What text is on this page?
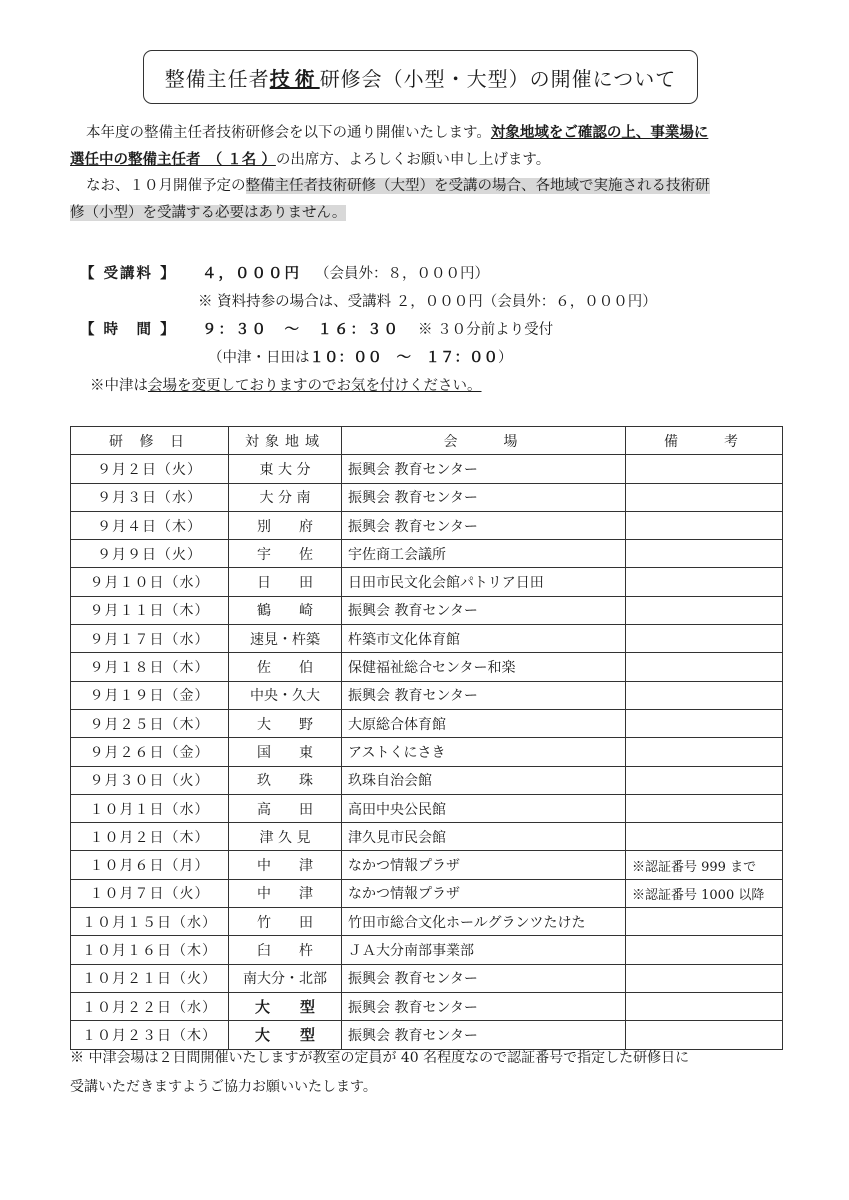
整備主任者 技術 研修会（小型・大型）の開催について

本年度の整備主任者技術研修会を以下の通り開催いたします。対象地域をご確認の上、事業場に

選任中の整備主任者　（ １名 ）の出席方、よろしくお願い申し上げます。

なお、１０月開催予定の整備主任者技術研修（大型）を受講の場合、各地域で実施される技術研

修（小型）を受講する必要はありません。

【 受講料 】 ４，０００円 （会員外：８，０００円）
※ 資料持参の場合は、受講料 ２，０００円（会員外：６，０００円）
【 時　間 】 ９：３０　～　１６：３０ ※ ３０分前より受付
（中津・日田は１０：００　～　１７：００）
※中津は会場を変更しておりますのでお気を付けください。
研 修 日	対象地域	会　　場	備　　考
９月２日（火）	東 大 分	振興会 教育センター	
９月３日（水）	大 分 南	振興会 教育センター	
９月４日（木）	別　　府	振興会 教育センター	
９月９日（火）	宇　　佐	宇佐商工会議所	
９月１０日（水）	日　　田	日田市民文化会館パトリア日田	
９月１１日（木）	鶴　　崎	振興会 教育センター	
９月１７日（水）	速見・杵築	杵築市文化体育館	
９月１８日（木）	佐　　伯	保健福祉総合センター和楽	
９月１９日（金）	中央・久大	振興会 教育センター	
９月２５日（木）	大　　野	大原総合体育館	
９月２６日（金）	国　　東	アストくにさき	
９月３０日（火）	玖　　珠	玖珠自治会館	
１０月１日（水）	高　　田	高田中央公民館	
１０月２日（木）	津 久 見	津久見市民会館	
１０月６日（月）	中　　津	なかつ情報プラザ	※認証番号 999 まで
１０月７日（火）	中　　津	なかつ情報プラザ	※認証番号 1000 以降
１０月１５日（水）	竹　　田	竹田市総合文化ホールグランツたけた	
１０月１６日（木）	臼　　杵	ＪＡ大分南部事業部	
１０月２１日（火）	南大分・北部	振興会 教育センター	
１０月２２日（水）	大　　型	振興会 教育センター	
１０月２３日（木）	大　　型	振興会 教育センター	

※ 中津会場は２日間開催いたしますが教室の定員が 40 名程度なので認証番号で指定した研修日に

受講いただきますようご協力お願いいたします。
